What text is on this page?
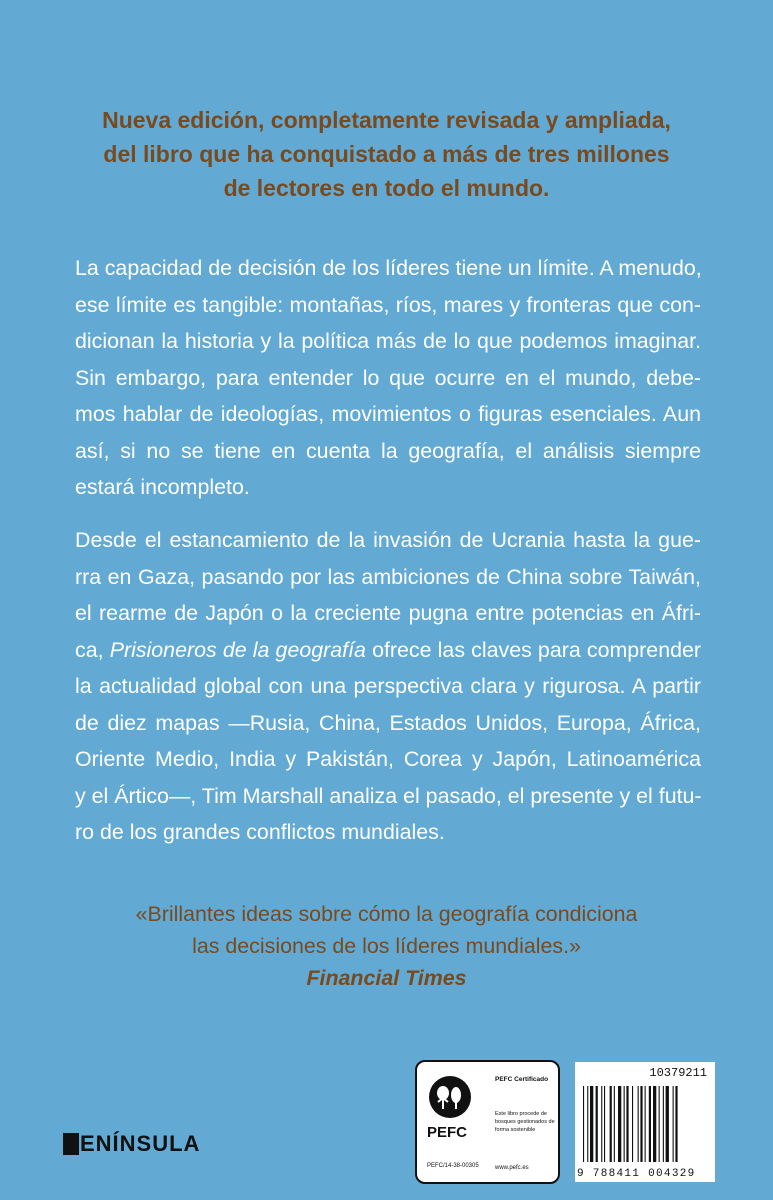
Nueva edición, completamente revisada y ampliada,
del libro que ha conquistado a más de tres millones
de lectores en todo el mundo.
La capacidad de decisión de los líderes tiene un límite. A menudo,
ese límite es tangible: montañas, ríos, mares y fronteras que con-
dicionan la historia y la política más de lo que podemos imaginar.
Sin embargo, para entender lo que ocurre en el mundo, debe-
mos hablar de ideologías, movimientos o figuras esenciales. Aun
así, si no se tiene en cuenta la geografía, el análisis siempre
estará incompleto.
Desde el estancamiento de la invasión de Ucrania hasta la gue-
rra en Gaza, pasando por las ambiciones de China sobre Taiwán,
el rearme de Japón o la creciente pugna entre potencias en Áfri-
ca, Prisioneros de la geografía ofrece las claves para comprender
la actualidad global con una perspectiva clara y rigurosa. A partir
de diez mapas —Rusia, China, Estados Unidos, Europa, África,
Oriente Medio, India y Pakistán, Corea y Japón, Latinoamérica
y el Ártico—, Tim Marshall analiza el pasado, el presente y el futu-
ro de los grandes conflictos mundiales.
«Brillantes ideas sobre cómo la geografía condiciona
las decisiones de los líderes mundiales.»
Financial Times
ENÍNSULA	PEFC
PEFC/14-38-00305
PEFC Certificado
Este libro procede de bosques gestionados de forma sostenible
www.pefc.es
10379211
9 788411 004329
